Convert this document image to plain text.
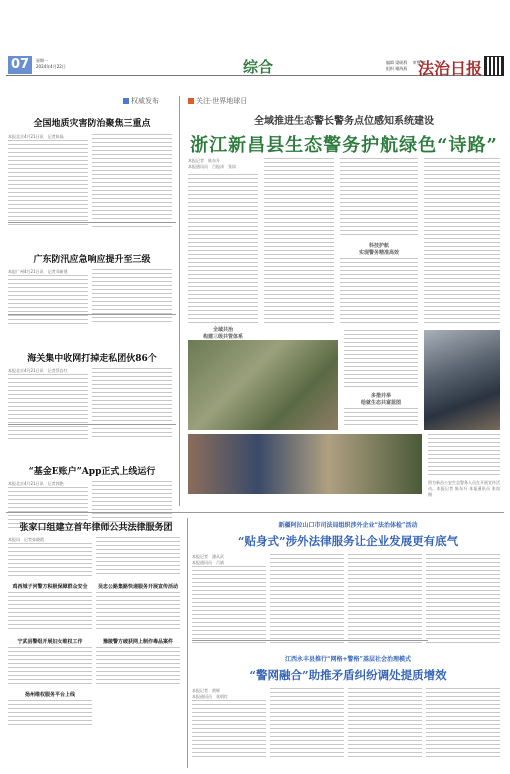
07	星期一
2024年4月22日	综合	编辑 梁硕群 　审签 童
组织 谢海燕 法治日报
权威发布
全国地质灾害防治聚焦三重点
本报北京4月21日讯　记者陈磊
广东防汛应急响应提升至三级
本报广州4月21日讯　记者邓新建
海关集中收网打掉走私团伙86个
本报北京4月21日讯　记者蔡岩红
“基金E账户”App正式上线运行
本报北京4月21日讯　记者郭艳
关注·世界地球日
全域推进生态警长警务点位感知系统建设
浙江新昌县生态警务护航绿色“诗路”
本报记者　陈东升
本报通讯员　吕振涛　张岚
科技护航
实现警务精准高效
全域共治
构建三级共管体系
多措并举
绘就生态共富蓝图
图为新昌公安生态警务人员在开展宣传活动。本报记者 陈东升 本报通讯员 张岚 摄
张家口组建立首年律师公共法律服务团
本报讯　记者张晓霞
鸡西城子河警方积极保障群众安全	吴忠公路集路快递服务开展宣传活动
宁武县警组开展妇女维权工作	豫陵警方破获网上制作毒品案件
扬州维权服务平台上线
新疆阿拉山口市司法局组织涉外企业“法治体检”活动
“贴身式”涉外法律服务让企业发展更有底气
本报记者　潘从武
本报通讯员　吕斌
江西永丰县推行“网格+警格”基层社会治理模式
“警网融合”助推矛盾纠纷调处提质增效
本报记者　黄辉
本报通讯员　张炳红
